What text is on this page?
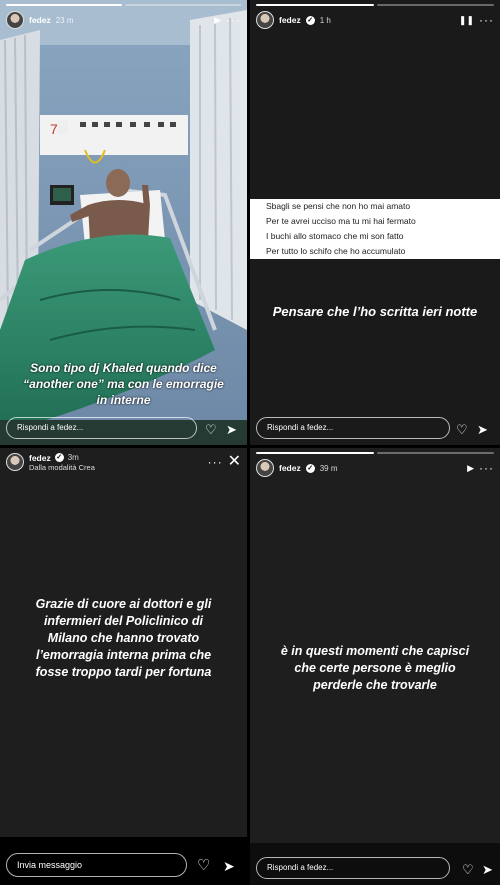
7
fedez 23 m	▶ ···
Sono tipo dj Khaled quando dice “another one” ma con le emorragie in interne
Rispondi a fedez...	♡ ➤
fedez ✓ 1 h	❚❚ ···
Sbagli se pensi che non ho mai amato
Per te avrei ucciso ma tu mi hai fermato
I buchi allo stomaco che mi son fatto
Per tutto lo schifo che ho accumulato
Pensare che l’ho scritta ieri notte
Rispondi a fedez...	♡ ➤
fedez ✓ 3m
Dalla modalità Crea	··· ✕
Grazie di cuore ai dottori e gli infermieri del Policlinico di Milano che hanno trovato l’emorragia interna prima che fosse troppo tardi per fortuna
Invia messaggio	♡ ➤
fedez ✓ 39 m	▶ ···
è in questi momenti che capisci che certe persone è meglio perderle che trovarle
Rispondi a fedez...	♡ ➤
